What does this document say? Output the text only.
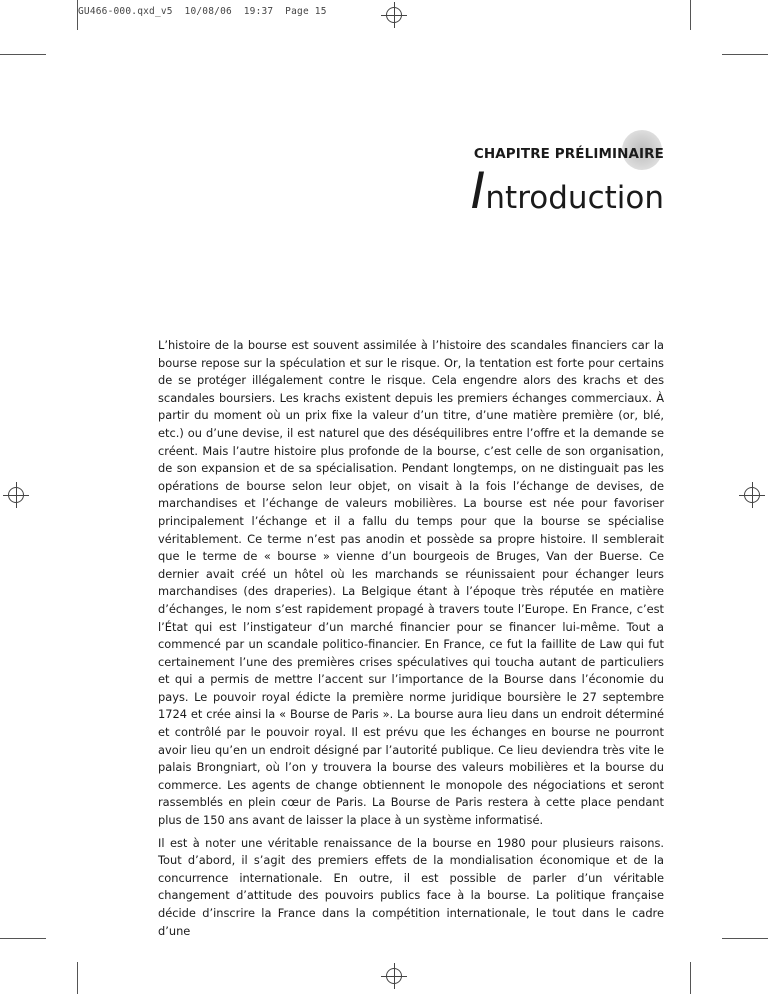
GU466-000.qxd_v5  10/08/06  19:37  Page 15
CHAPITRE PRÉLIMINAIRE
Introduction

L’histoire de la bourse est souvent assimilée à l’histoire des scandales financiers car la bourse repose sur la spéculation et sur le risque. Or, la tentation est forte pour certains de se protéger illégalement contre le risque. Cela engendre alors des krachs et des scandales boursiers. Les krachs existent depuis les premiers échanges commerciaux. À partir du moment où un prix fixe la valeur d’un titre, d’une matière première (or, blé, etc.) ou d’une devise, il est naturel que des déséquilibres entre l’offre et la demande se créent. Mais l’autre histoire plus profonde de la bourse, c’est celle de son organisation, de son expansion et de sa spécialisation. Pendant longtemps, on ne distinguait pas les opérations de bourse selon leur objet, on visait à la fois l’échange de devises, de marchandises et l’échange de valeurs mobilières. La bourse est née pour favoriser principalement l’échange et il a fallu du temps pour que la bourse se spécialise véritablement. Ce terme n’est pas anodin et possède sa propre histoire. Il semblerait que le terme de « bourse » vienne d’un bourgeois de Bruges, Van der Buerse. Ce dernier avait créé un hôtel où les marchands se réunissaient pour échanger leurs marchandises (des draperies). La Belgique étant à l’époque très réputée en matière d’échanges, le nom s’est rapidement propagé à travers toute l’Europe. En France, c’est l’État qui est l’instigateur d’un marché financier pour se financer lui-même. Tout a commencé par un scandale politico-financier. En France, ce fut la faillite de Law qui fut certainement l’une des premières crises spéculatives qui toucha autant de particuliers et qui a permis de mettre l’accent sur l’importance de la Bourse dans l’économie du pays. Le pouvoir royal édicte la première norme juridique boursière le 27 septembre 1724 et crée ainsi la « Bourse de Paris ». La bourse aura lieu dans un endroit déterminé et contrôlé par le pouvoir royal. Il est prévu que les échanges en bourse ne pourront avoir lieu qu’en un endroit désigné par l’autorité publique. Ce lieu deviendra très vite le palais Brongniart, où l’on y trouvera la bourse des valeurs mobilières et la bourse du commerce. Les agents de change obtiennent le monopole des négociations et seront rassemblés en plein cœur de Paris. La Bourse de Paris restera à cette place pendant plus de 150 ans avant de laisser la place à un système informatisé.

Il est à noter une véritable renaissance de la bourse en 1980 pour plusieurs raisons. Tout d’abord, il s’agit des premiers effets de la mondialisation économique et de la concurrence internationale. En outre, il est possible de parler d’un véritable changement d’attitude des pouvoirs publics face à la bourse. La politique française décide d’inscrire la France dans la compétition internationale, le tout dans le cadre d’une
